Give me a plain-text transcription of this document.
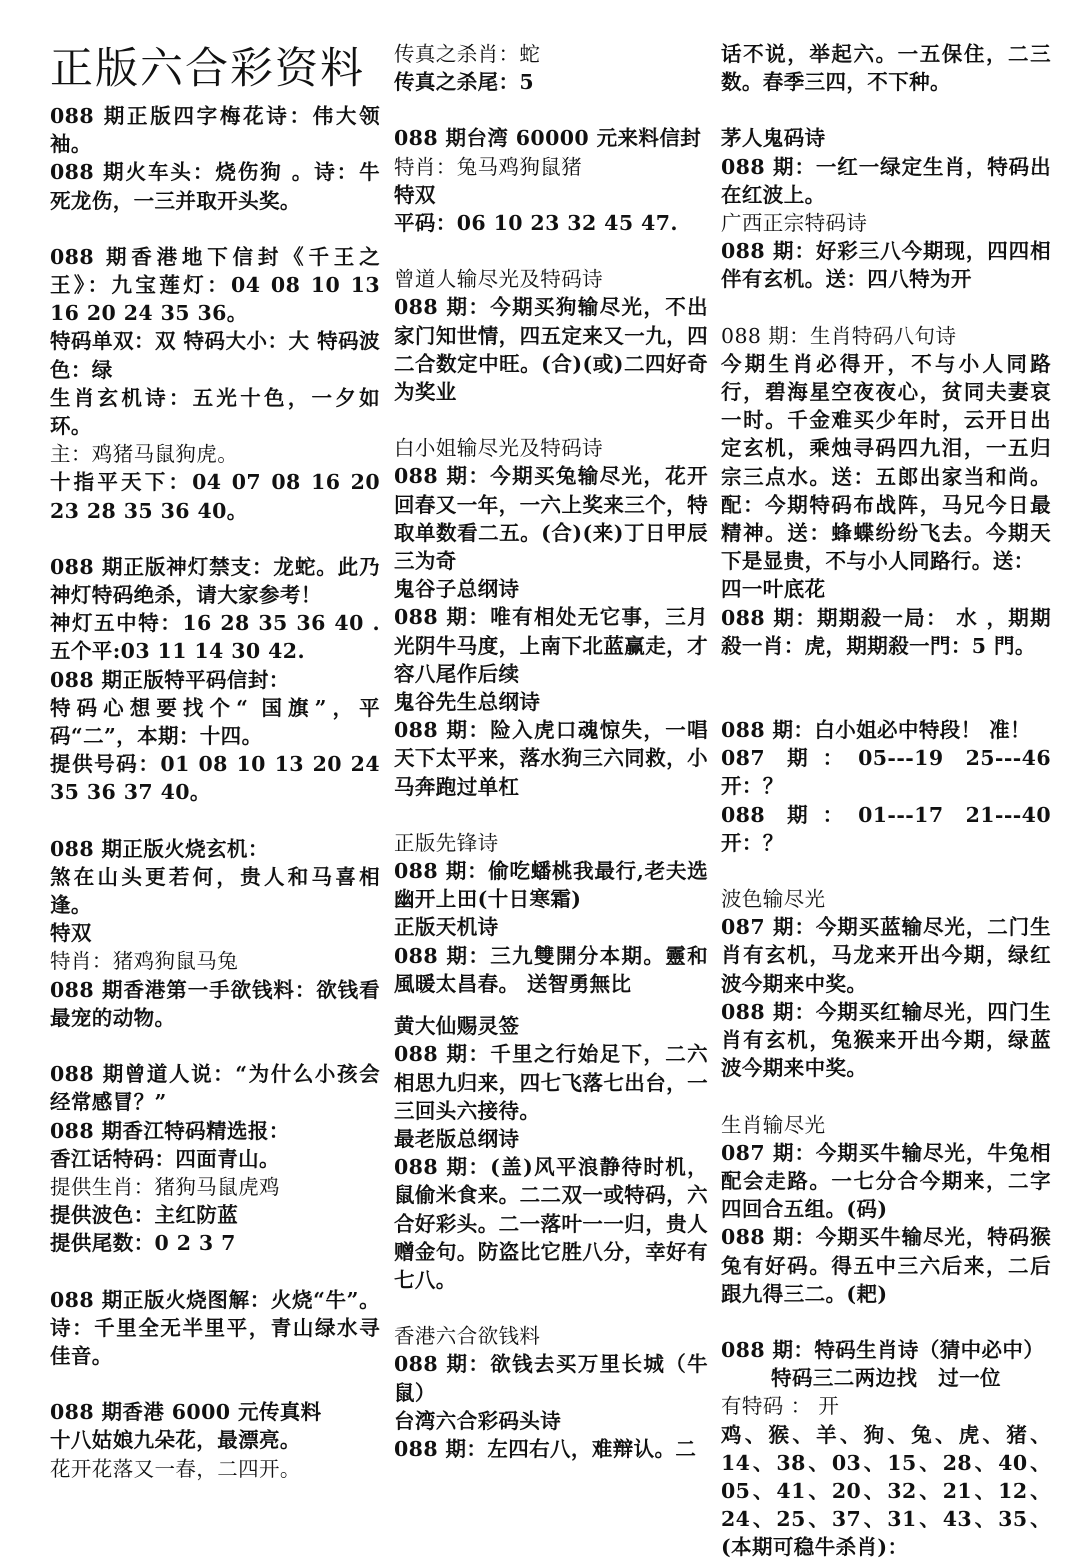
正版六合彩资料

088 期正版四字梅花诗：伟大领袖。

088 期火车头：烧伤狗 。诗：牛死龙伤，一三并取开头奖。

088 期香港地下信封《千王之王》：九宝莲灯：04 08 10 13 16 20 24 35 36。

特码单双：双 特码大小：大 特码波色：绿

生肖玄机诗：五光十色，一夕如环。

主：鸡猪马鼠狗虎。

十指平天下：04 07 08 16 20 23 28 35 36 40。

088 期正版神灯禁支：龙蛇。此乃神灯特码绝杀，请大家参考！

神灯五中特：16 28 35 36 40 .五个平:03 11 14 30 42.

088 期正版特平码信封：

特码心想要找个“ 国旗”，平码“二”，本期：十四。

提供号码：01 08 10 13 20 24 35 36 37 40。

088 期正版火烧玄机：

煞在山头更若何，贵人和马喜相逢。

特双

特肖：猪鸡狗鼠马兔

088 期香港第一手欲钱料：欲钱看最宠的动物。

088 期曾道人说：“为什么小孩会经常感冒？”

088 期香江特码精选报：

香江话特码：四面青山。

提供生肖：猪狗马鼠虎鸡

提供波色：主红防蓝

提供尾数：0 2 3 7

088 期正版火烧图解：火烧“牛”。诗：千里全无半里平，青山绿水寻佳音。

088 期香港 6000 元传真料

十八姑娘九朵花，最漂亮。

花开花落又一春，二四开。

传真之杀肖：蛇

传真之杀尾：5

088 期台湾 60000 元来料信封

特肖：兔马鸡狗鼠猪

特双

平码：06 10 23 32 45 47.

曾道人输尽光及特码诗

088 期：今期买狗输尽光，不出家门知世情，四五定来又一九，四二合数定中旺。(合)(或)二四好奇为奖业

白小姐输尽光及特码诗

088 期：今期买兔输尽光，花开回春又一年，一六上奖来三个，特取单数看二五。(合)(来)丁日甲辰三为奇

鬼谷子总纲诗

088 期：唯有相处无它事，三月光阴牛马度，上南下北蓝赢走，才容八尾作后续

鬼谷先生总纲诗

088 期：险入虎口魂惊失，一唱天下太平来，落水狗三六同救，小马奔跑过单杠

正版先锋诗

088 期：偷吃蟠桃我最行,老夫选幽开上田(十日寒霜)

正版天机诗

088 期：三九雙開分本期。靈和風暖太昌春。 送智勇無比

黄大仙赐灵签

088 期：千里之行始足下，二六相思九归来，四七飞落七出台，一三回头六接待。

最老版总纲诗

088 期：(盖)风平浪静待时机，鼠偷米食来。二二双一或特码，六合好彩头。二一落叶一一归，贵人赠金句。防盗比它胜八分，幸好有七八。

香港六合欲钱料

088 期：欲钱去买万里长城（牛鼠）

台湾六合彩码头诗

088 期：左四右八，难辩认。二

话不说，举起六。一五保住，二三数。春季三四，不下种。

茅人鬼码诗

088 期：一红一绿定生肖，特码出在红波上。

广西正宗特码诗

088 期：好彩三八今期现，四四相伴有玄机。送：四八特为开

088 期：生肖特码八句诗

今期生肖必得开，不与小人同路行，碧海星空夜夜心，贫同夫妻哀一时。千金难买少年时，云开日出定玄机，乘烛寻码四九泪，一五归宗三点水。送：五郎出家当和尚。配：今期特码布战阵，马兄今日最精神。送：蜂蝶纷纷飞去。今期天下是显贵，不与小人同路行。送：

四一叶底花

088 期：期期殺一局： 水 ，期期殺一肖：虎，期期殺一門：5 門。

088 期：白小姐必中特段！ 准！

087 期：05---19 25---46 开：？

088 期：01---17 21---40 开：？

波色输尽光

087 期：今期买蓝输尽光，二门生肖有玄机，马龙来开出今期，绿红波今期来中奖。

088 期：今期买红输尽光，四门生肖有玄机，兔猴来开出今期，绿蓝波今期来中奖。

生肖输尽光

087 期：今期买牛输尽光，牛兔相配会走路。一七分合今期来，二字四回合五组。(码)

088 期：今期买牛输尽光，特码猴兔有好码。得五中三六后来，二后跟九得三二。(耙)

088 期：特码生肖诗（猜中必中）

特码三二两边找　过一位

有特码 ： 开

鸡、猴、羊、狗、兔、虎、猪、14、38、03、15、28、40、05、41、20、32、21、12、24、25、37、31、43、35、(本期可稳牛杀肖)：
